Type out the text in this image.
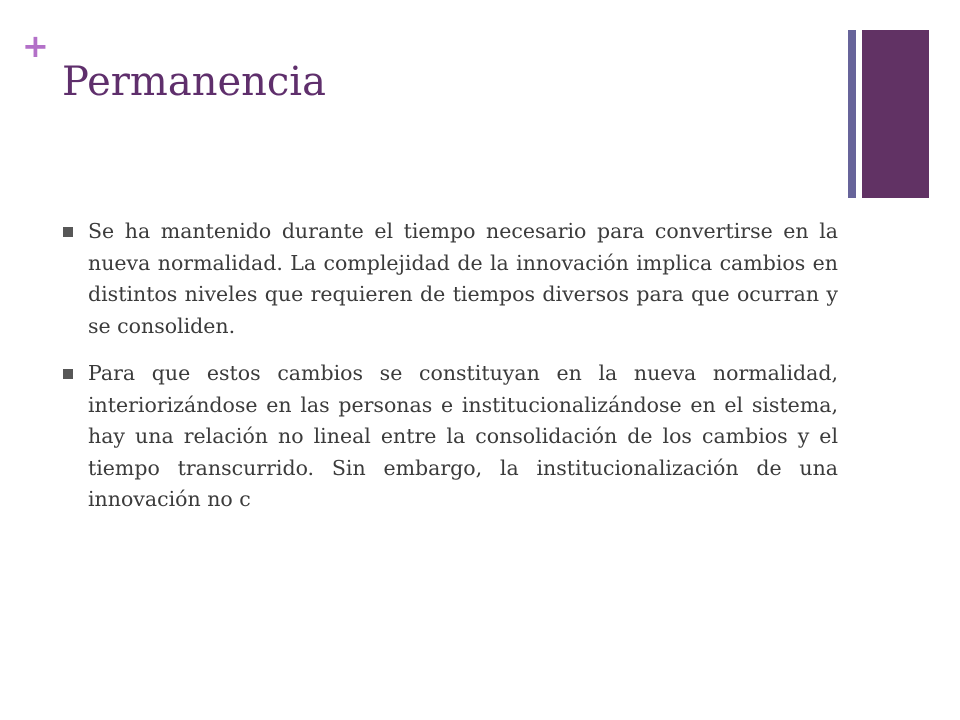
+
Permanencia
Se ha mantenido durante el tiempo necesario para convertirse en la nueva normalidad. La complejidad de la innovación implica cambios en distintos niveles que requieren de tiempos diversos para que ocurran y se consoliden.
Para que estos cambios se constituyan en la nueva normalidad, interiorizándose en las personas e institucionalizándose en el sistema, hay una relación no lineal entre la consolidación de los cambios y el tiempo transcurrido. Sin embargo, la institucionalización de una innovación no c
